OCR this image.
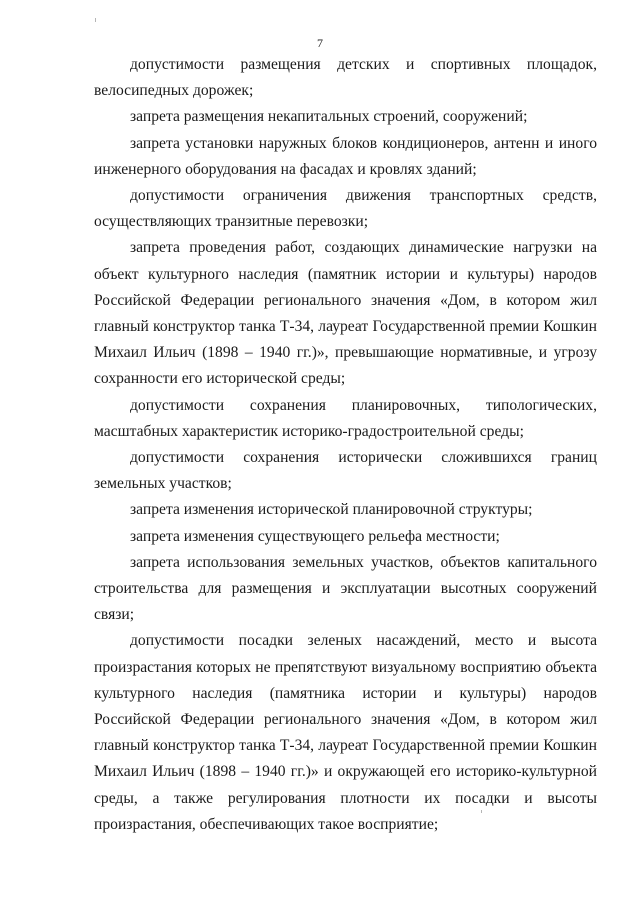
7

допустимости размещения детских и спортивных площадок, велосипедных дорожек;

запрета размещения некапитальных строений, сооружений;

запрета установки наружных блоков кондиционеров, антенн и иного инженерного оборудования на фасадах и кровлях зданий;

допустимости ограничения движения транспортных средств, осуществляющих транзитные перевозки;

запрета проведения работ, создающих динамические нагрузки на объект культурного наследия (памятник истории и культуры) народов Российской Федерации регионального значения «Дом, в котором жил главный конструктор танка Т-34, лауреат Государственной премии Кошкин Михаил Ильич (1898 – 1940 гг.)», превышающие нормативные, и угрозу сохранности его исторической среды;

допустимости сохранения планировочных, типологических, масштабных характеристик историко-градостроительной среды;

допустимости сохранения исторически сложившихся границ земельных участков;

запрета изменения исторической планировочной структуры;

запрета изменения существующего рельефа местности;

запрета использования земельных участков, объектов капитального строительства для размещения и эксплуатации высотных сооружений связи;

допустимости посадки зеленых насаждений, место и высота произрастания которых не препятствуют визуальному восприятию объекта культурного наследия (памятника истории и культуры) народов Российской Федерации регионального значения «Дом, в котором жил главный конструктор танка Т-34, лауреат Государственной премии Кошкин Михаил Ильич (1898 – 1940 гг.)» и окружающей его историко-культурной среды, а также регулирования плотности их посадки и высоты произрастания, обеспечивающих такое восприятие;
